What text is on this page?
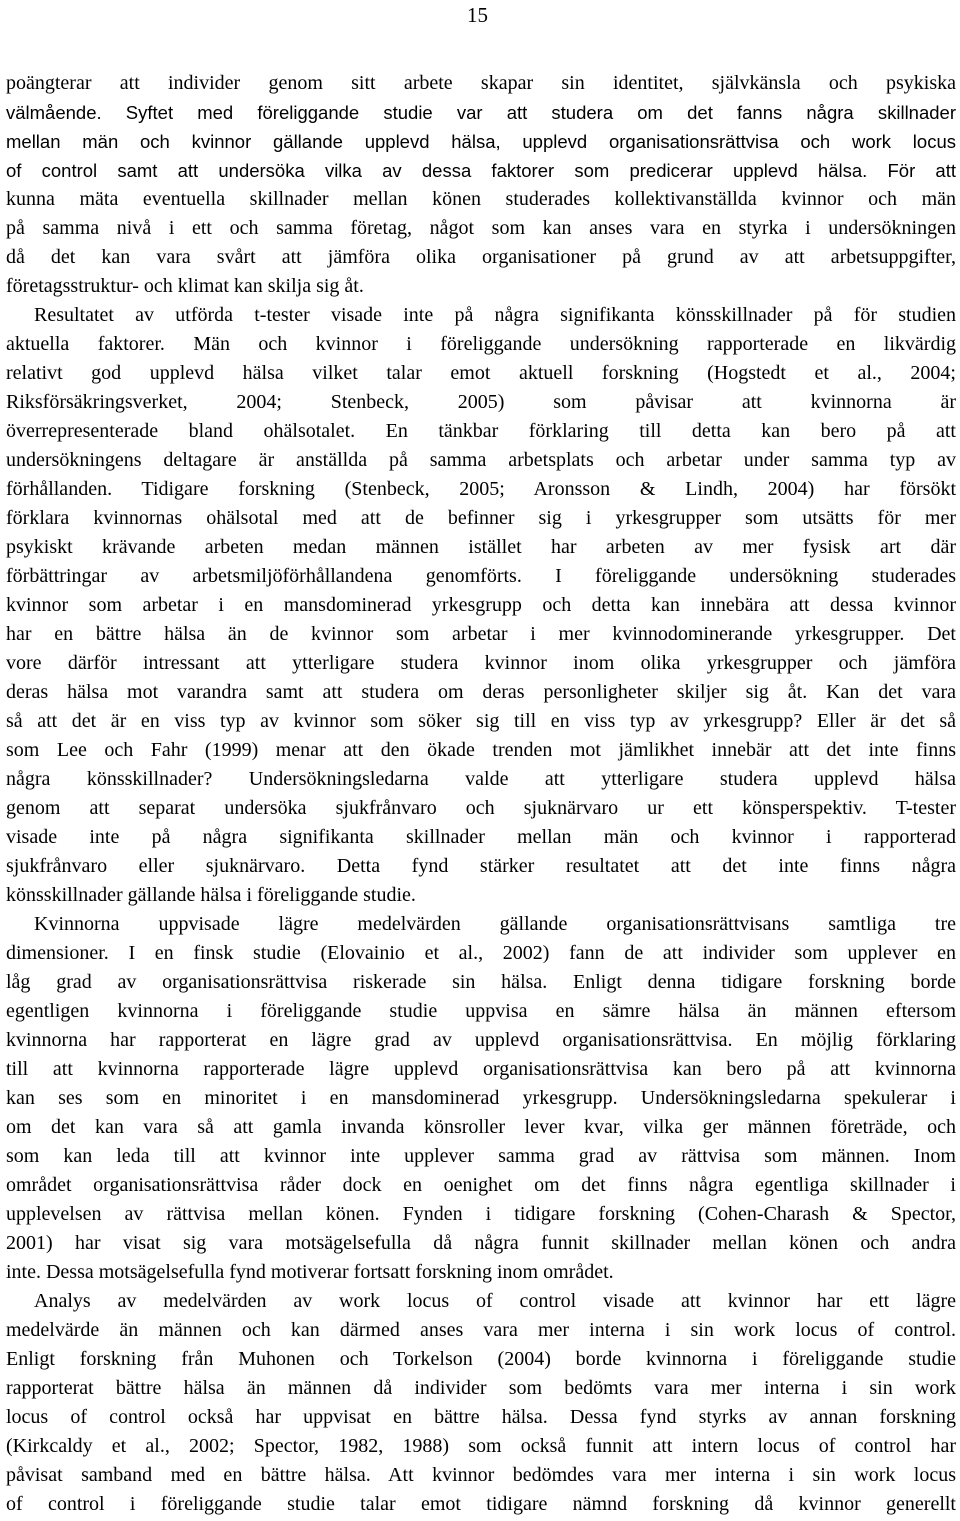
15
poängterar att individer genom sitt arbete skapar sin identitet, självkänsla och psykiska
välmående. Syftet med föreliggande studie var att studera om det fanns några skillnader
mellan män och kvinnor gällande upplevd hälsa, upplevd organisationsrättvisa och work locus
of control samt att undersöka vilka av dessa faktorer som predicerar upplevd hälsa. För att
kunna mäta eventuella skillnader mellan könen studerades kollektivanställda kvinnor och män
på samma nivå i ett och samma företag, något som kan anses vara en styrka i undersökningen
då det kan vara svårt att jämföra olika organisationer på grund av att arbetsuppgifter,
företagsstruktur- och klimat kan skilja sig åt.
Resultatet av utförda t-tester visade inte på några signifikanta könsskillnader på för studien
aktuella faktorer. Män och kvinnor i föreliggande undersökning rapporterade en likvärdig
relativt god upplevd hälsa vilket talar emot aktuell forskning (Hogstedt et al., 2004;
Riksförsäkringsverket, 2004; Stenbeck, 2005) som påvisar att kvinnorna är
överrepresenterade bland ohälsotalet. En tänkbar förklaring till detta kan bero på att
undersökningens deltagare är anställda på samma arbetsplats och arbetar under samma typ av
förhållanden. Tidigare forskning (Stenbeck, 2005; Aronsson & Lindh, 2004) har försökt
förklara kvinnornas ohälsotal med att de befinner sig i yrkesgrupper som utsätts för mer
psykiskt krävande arbeten medan männen istället har arbeten av mer fysisk art där
förbättringar av arbetsmiljöförhållandena genomförts. I föreliggande undersökning studerades
kvinnor som arbetar i en mansdominerad yrkesgrupp och detta kan innebära att dessa kvinnor
har en bättre hälsa än de kvinnor som arbetar i mer kvinnodominerande yrkesgrupper. Det
vore därför intressant att ytterligare studera kvinnor inom olika yrkesgrupper och jämföra
deras hälsa mot varandra samt att studera om deras personligheter skiljer sig åt. Kan det vara
så att det är en viss typ av kvinnor som söker sig till en viss typ av yrkesgrupp? Eller är det så
som Lee och Fahr (1999) menar att den ökade trenden mot jämlikhet innebär att det inte finns
några könsskillnader? Undersökningsledarna valde att ytterligare studera upplevd hälsa
genom att separat undersöka sjukfrånvaro och sjuknärvaro ur ett könsperspektiv. T-tester
visade inte på några signifikanta skillnader mellan män och kvinnor i rapporterad
sjukfrånvaro eller sjuknärvaro. Detta fynd stärker resultatet att det inte finns några
könsskillnader gällande hälsa i föreliggande studie.
Kvinnorna uppvisade lägre medelvärden gällande organisationsrättvisans samtliga tre
dimensioner. I en finsk studie (Elovainio et al., 2002) fann de att individer som upplever en
låg grad av organisationsrättvisa riskerade sin hälsa. Enligt denna tidigare forskning borde
egentligen kvinnorna i föreliggande studie uppvisa en sämre hälsa än männen eftersom
kvinnorna har rapporterat en lägre grad av upplevd organisationsrättvisa. En möjlig förklaring
till att kvinnorna rapporterade lägre upplevd organisationsrättvisa kan bero på att kvinnorna
kan ses som en minoritet i en mansdominerad yrkesgrupp. Undersökningsledarna spekulerar i
om det kan vara så att gamla invanda könsroller lever kvar, vilka ger männen företräde, och
som kan leda till att kvinnor inte upplever samma grad av rättvisa som männen. Inom
området organisationsrättvisa råder dock en oenighet om det finns några egentliga skillnader i
upplevelsen av rättvisa mellan könen. Fynden i tidigare forskning (Cohen-Charash & Spector,
2001) har visat sig vara motsägelsefulla då några funnit skillnader mellan könen och andra
inte. Dessa motsägelsefulla fynd motiverar fortsatt forskning inom området.
Analys av medelvärden av work locus of control visade att kvinnor har ett lägre
medelvärde än männen och kan därmed anses vara mer interna i sin work locus of control.
Enligt forskning från Muhonen och Torkelson (2004) borde kvinnorna i föreliggande studie
rapporterat bättre hälsa än männen då individer som bedömts vara mer interna i sin work
locus of control också har uppvisat en bättre hälsa. Dessa fynd styrks av annan forskning
(Kirkcaldy et al., 2002; Spector, 1982, 1988) som också funnit att intern locus of control har
påvisat samband med en bättre hälsa. Att kvinnor bedömdes vara mer interna i sin work locus
of control i föreliggande studie talar emot tidigare nämnd forskning då kvinnor generellt
